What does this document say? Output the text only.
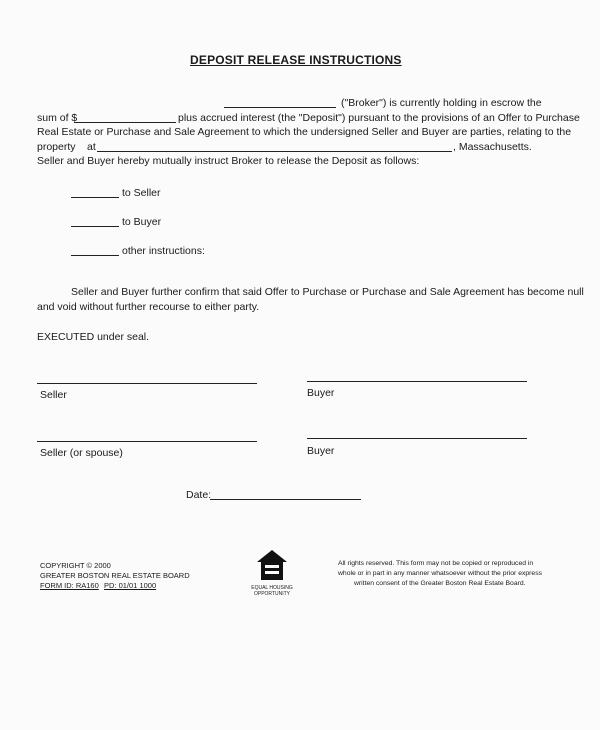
DEPOSIT RELEASE INSTRUCTIONS
("Broker") is currently holding in escrow the
sum of $	plus accrued interest (the "Deposit") pursuant to the provisions of an Offer to Purchase
Real Estate or Purchase and Sale Agreement to which the undersigned Seller and Buyer are parties, relating to the
property at	, Massachusetts.
Seller and Buyer hereby mutually instruct Broker to release the Deposit as follows:
to Seller
to Buyer
other instructions:
Seller and Buyer further confirm that said Offer to Purchase or Purchase and Sale Agreement has become null
and void without further recourse to either party.
EXECUTED under seal.
Seller	Buyer
Seller (or spouse)	Buyer
Date:
COPYRIGHT © 2000
GREATER BOSTON REAL ESTATE BOARD
FORM ID: RA160 PD: 01/01 1000	EQUAL HOUSING OPPORTUNITY
All rights reserved. This form may not be copied or reproduced in
whole or in part in any manner whatsoever without the prior express
written consent of the Greater Boston Real Estate Board.
